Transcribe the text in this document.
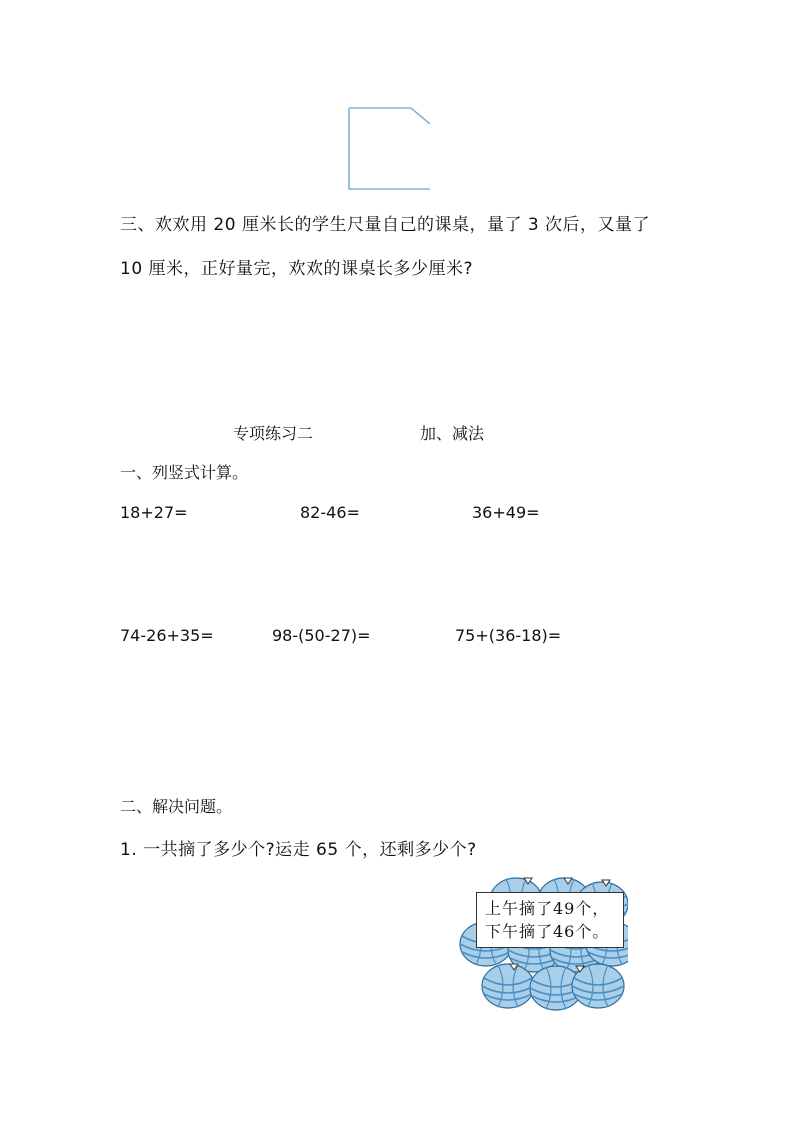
三、欢欢用 20 厘米长的学生尺量自己的课桌，量了 3 次后，又量了
10 厘米，正好量完，欢欢的课桌长多少厘米?
专项练习二	加、减法
一、列竖式计算。
18+27=	82-46=	36+49=
74-26+35=	98-(50-27)=	75+(36-18)=
二、解决问题。
1. 一共摘了多少个?运走 65 个，还剩多少个?
上午摘了49个，
下午摘了46个。
